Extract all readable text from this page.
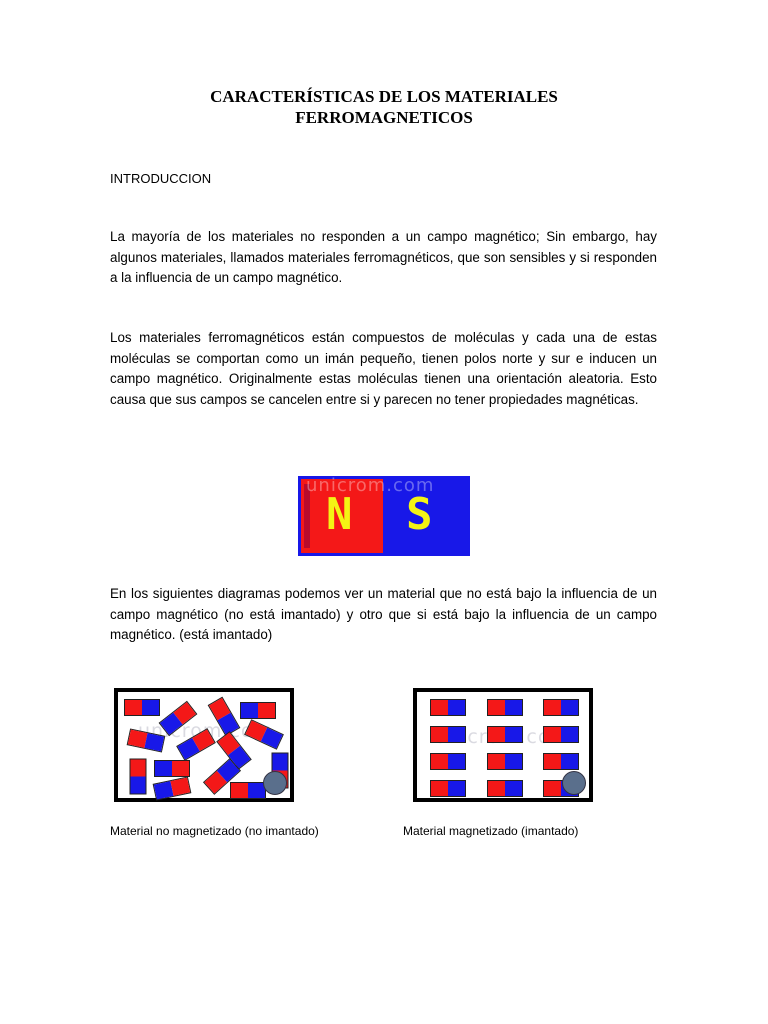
CARACTERÍSTICAS DE LOS MATERIALES
FERROMAGNETICOS
INTRODUCCION

La mayoría de los materiales no responden a un campo magnético; Sin embargo, hay algunos materiales, llamados materiales ferromagnéticos, que son sensibles y si responden a la influencia de un campo magnético.

Los materiales ferromagnéticos están compuestos de moléculas y cada una de estas moléculas se comportan como un imán pequeño, tienen polos norte y sur e inducen un campo magnético. Originalmente estas moléculas tienen una orientación aleatoria. Esto causa que sus campos se cancelen entre si y parecen no tener propiedades magnéticas.

unicrom.com
N S

En los siguientes diagramas podemos ver un material que no está bajo la influencia de un campo magnético (no está imantado) y otro que si está bajo la influencia de un campo magnético. (está imantado)

Material no magnetizado (no imantado)	Material magnetizado (imantado)
